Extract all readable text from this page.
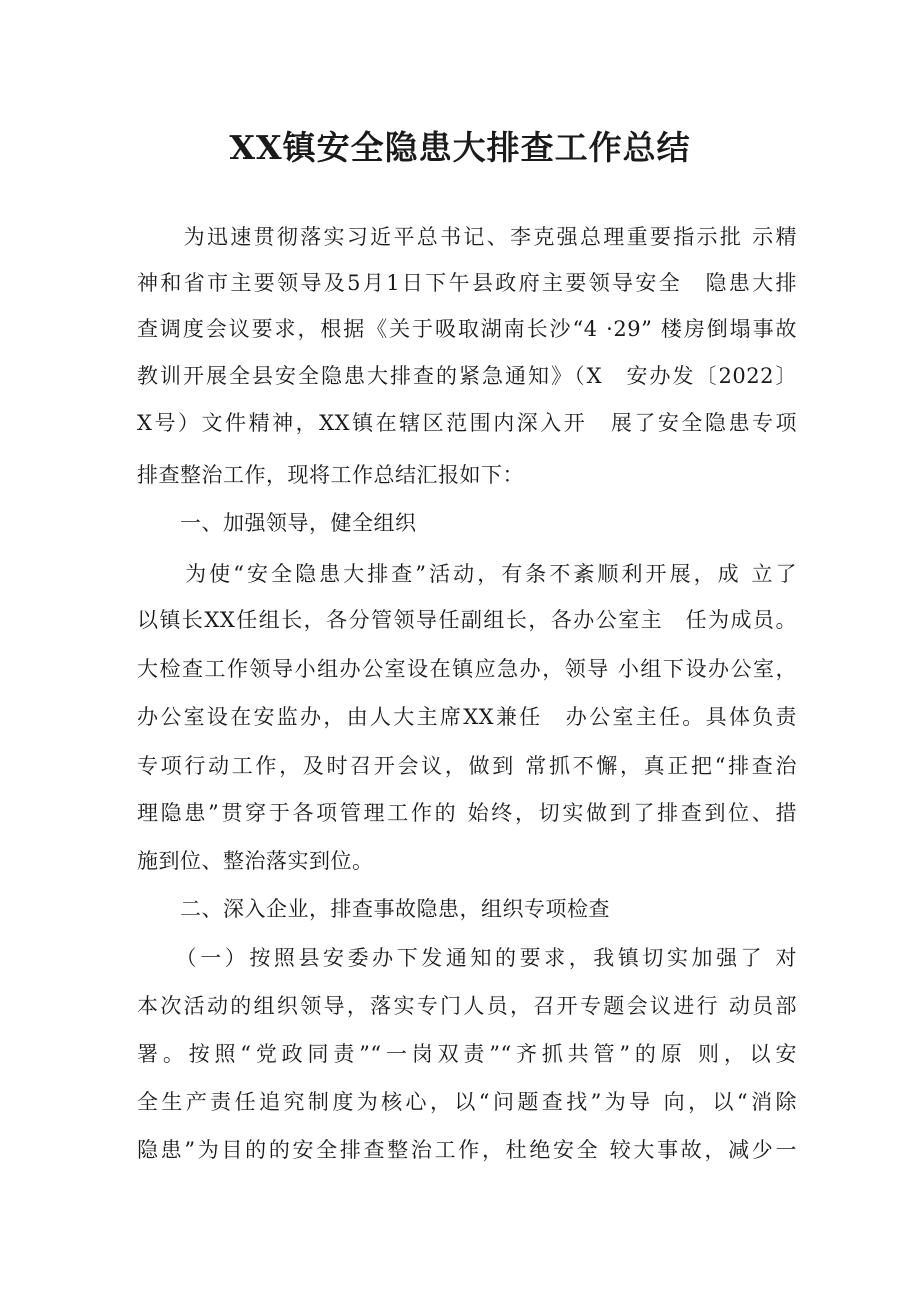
XX镇安全隐患大排查工作总结

　　为迅速贯彻落实习近平总书记、李克强总理重要指示批 示精

神和省市主要领导及5月1日下午县政府主要领导安全　隐患大排

查调度会议要求，根据《关于吸取湖南长沙“4 ·29” 楼房倒塌事故

教训开展全县安全隐患大排查的紧急通知》（X　安办发〔2022〕

X号）文件精神，XX镇在辖区范围内深入开　展了安全隐患专项

排查整治工作，现将工作总结汇报如下：

　　一、加强领导，健全组织

　　为使“安全隐患大排查”活动，有条不紊顺利开展，成 立了

以镇长XX任组长，各分管领导任副组长，各办公室主　任为成员。

大检查工作领导小组办公室设在镇应急办，领导 小组下设办公室，

办公室设在安监办，由人大主席XX兼任　办公室主任。具体负责

专项行动工作，及时召开会议，做到 常抓不懈，真正把“排查治

理隐患”贯穿于各项管理工作的 始终，切实做到了排查到位、措

施到位、整治落实到位。

　　二、深入企业，排查事故隐患，组织专项检查

　　（一）按照县安委办下发通知的要求，我镇切实加强了 对

本次活动的组织领导，落实专门人员，召开专题会议进行 动员部

署。按照“党政同责”“一岗双责”“齐抓共管”的原 则，以安

全生产责任追究制度为核心，以“问题查找”为导 向，以“消除

隐患”为目的的安全排查整治工作，杜绝安全 较大事故，减少一
